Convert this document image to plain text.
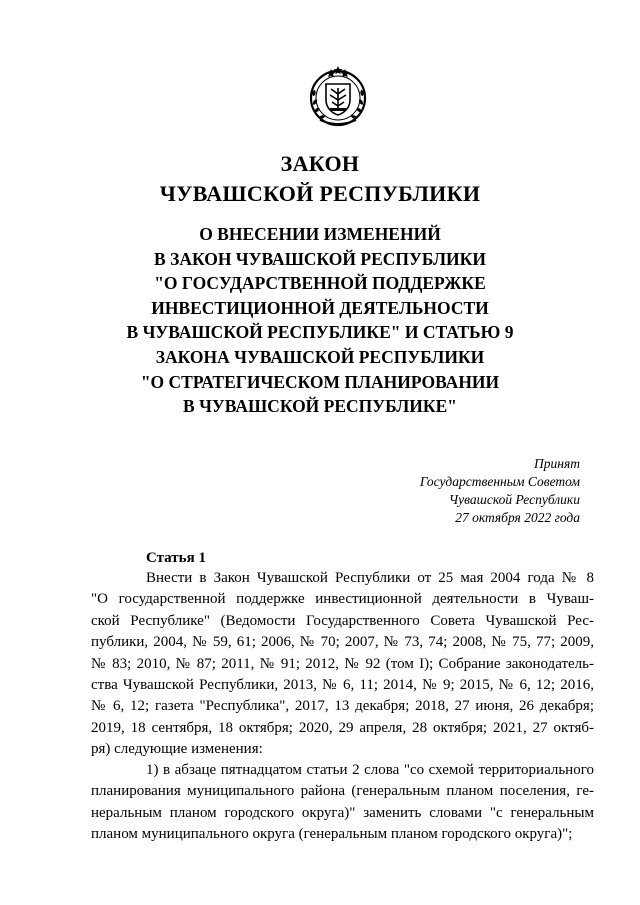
ЗАКОН
ЧУВАШСКОЙ РЕСПУБЛИКИ
О ВНЕСЕНИИ ИЗМЕНЕНИЙ
В ЗАКОН ЧУВАШСКОЙ РЕСПУБЛИКИ
"О ГОСУДАРСТВЕННОЙ ПОДДЕРЖКЕ
ИНВЕСТИЦИОННОЙ ДЕЯТЕЛЬНОСТИ
В ЧУВАШСКОЙ РЕСПУБЛИКЕ" И СТАТЬЮ 9
ЗАКОНА ЧУВАШСКОЙ РЕСПУБЛИКИ
"О СТРАТЕГИЧЕСКОМ ПЛАНИРОВАНИИ
В ЧУВАШСКОЙ РЕСПУБЛИКЕ"
Принят
Государственным Советом
Чувашской Республики
27 октября 2022 года
Статья 1
Внести в Закон Чувашской Республики от 25 мая 2004 года № 8
"О государственной поддержке инвестиционной деятельности в Чуваш-
ской Республике" (Ведомости Государственного Совета Чувашской Рес-
публики, 2004, № 59, 61; 2006, № 70; 2007, № 73, 74; 2008, № 75, 77; 2009,
№ 83; 2010, № 87; 2011, № 91; 2012, № 92 (том I); Собрание законодатель-
ства Чувашской Республики, 2013, № 6, 11; 2014, № 9; 2015, № 6, 12; 2016,
№ 6, 12; газета "Республика", 2017, 13 декабря; 2018, 27 июня, 26 декабря;
2019, 18 сентября, 18 октября; 2020, 29 апреля, 28 октября; 2021, 27 октяб-
ря) следующие изменения:
1) в абзаце пятнадцатом статьи 2 слова "со схемой территориального
планирования муниципального района (генеральным планом поселения, ге-
неральным планом городского округа)" заменить словами "с генеральным
планом муниципального округа (генеральным планом городского округа)";
